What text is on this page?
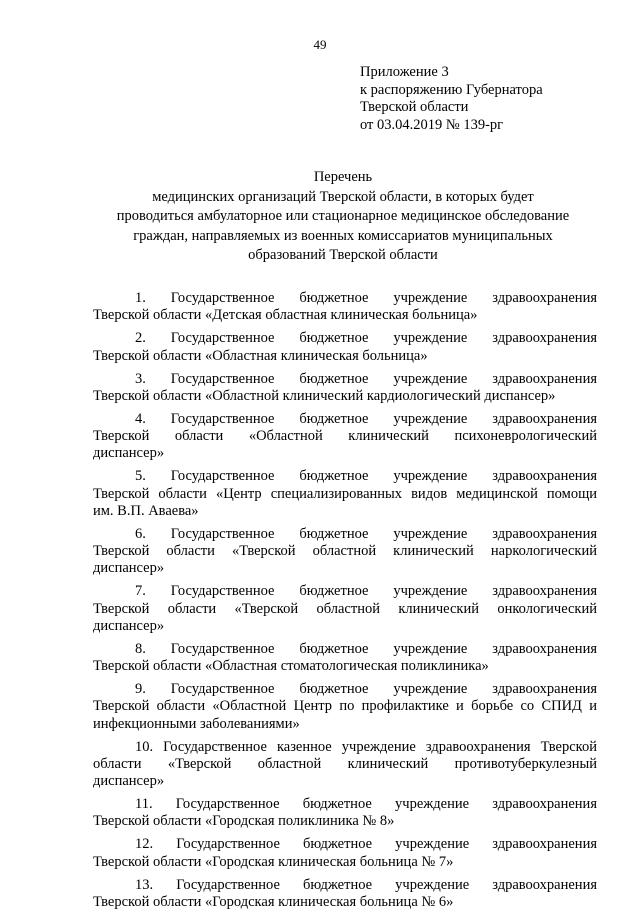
49
Приложение 3
к распоряжению Губернатора
Тверской области
от 03.04.2019 № 139-рг
Перечень
медицинских организаций Тверской области, в которых будет
проводиться амбулаторное или стационарное медицинское обследование
граждан, направляемых из военных комиссариатов муниципальных
образований Тверской области
1. Государственное бюджетное учреждение здравоохранения
Тверской области «Детская областная клиническая больница»
2. Государственное бюджетное учреждение здравоохранения
Тверской области «Областная клиническая больница»
3. Государственное бюджетное учреждение здравоохранения
Тверской области «Областной клинический кардиологический диспансер»
4. Государственное бюджетное учреждение здравоохранения
Тверской области «Областной клинический психоневрологический
диспансер»
5. Государственное бюджетное учреждение здравоохранения
Тверской области «Центр специализированных видов медицинской помощи
им. В.П. Аваева»
6. Государственное бюджетное учреждение здравоохранения
Тверской области «Тверской областной клинический наркологический
диспансер»
7. Государственное бюджетное учреждение здравоохранения
Тверской области «Тверской областной клинический онкологический
диспансер»
8. Государственное бюджетное учреждение здравоохранения
Тверской области «Областная стоматологическая поликлиника»
9. Государственное бюджетное учреждение здравоохранения
Тверской области «Областной Центр по профилактике и борьбе со СПИД и
инфекционными заболеваниями»
10. Государственное казенное учреждение здравоохранения Тверской
области «Тверской областной клинический противотуберкулезный
диспансер»
11. Государственное бюджетное учреждение здравоохранения
Тверской области «Городская поликлиника № 8»
12. Государственное бюджетное учреждение здравоохранения
Тверской области «Городская клиническая больница № 7»
13. Государственное бюджетное учреждение здравоохранения
Тверской области «Городская клиническая больница № 6»
